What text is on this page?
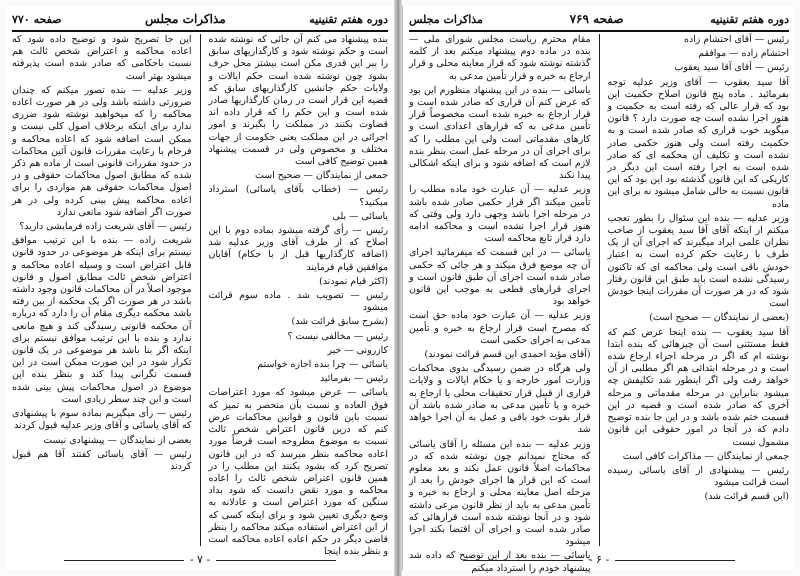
دوره هفتم تقنینیه
مذاکرات مجلس
صفحه ۷۷۰

بنده پیشنهاد می کنم آن جائی که نوشته شده است و حکم نوشته شود و کارگذاریهای سابق را ببر این قدری مکن است بیشتر محل حرف بشود چون نوشته شده است حکم ایالات و ولایات حکم جانشین کارگذاریهای سابق که قضیه این قرار است در زمان کارگذاریها صادر شده است و این حکم را که قرار داده اند قضاوت بکنند در مملکت را بگیرند و امور اجرائی در این مملکت یعنی حکومت از جهات مختلف و مخصوص ولی در قسمت پیشنهاد همین توضیح کافی است

جمعی از نمایندگان — صحیح است

رئیس — (خطاب بآقای یاسائی) استرداد میکنید؟

یاسائی — بلی

رئیس — رأی گرفته میشود بماده دوم با این اصلاح که از طرف آقای وزیر عدلیه شد (اضافه کارگذاریها قبل از با حکام) آقایان موافقین قیام فرمایند

(اکثر قیام نمودند)

رئیس — تصویب شد . ماده سوم قرائت میشود

(بشرح سابق قرائت شد)

رئیس — مخالفی نیست ؟

کازرونی — خیر

یاسائی — چرا بنده اجازه خواستم

رئیس — بفرمائید

یاسائی — عرض میشود که مورد اعتراضات فوق العاده و نسبت بآن منحصر به تمیز که نسبت باین قانون و قوانین محاکمات عرض کنم که درین قانون اعتراض شخص ثالث نسبت به موضوع مطروحه است قرضاً مورد اعاده محاکمه بنظر میرسد که در این قانون تصریح کرد که بشود بکنند این مطلب را در همین قانون اعتراض شخص ثالث را اعاده محاکمه و مورد نقض دانست که شود بداد سنگین که مورد اعتراض است و عادلانه به وضع دیگری تعیین شود و برای اینکه کسی که از این اعتراض استفاده میکند محاکمه را بنظر قاضی دیگر در حکم اعاده اعاده محاکمه است و بنظر بنده اینجا

این جا تصریح شود و توضیح داده شود که اعاده محاکمه و اعتراض شخص ثالث هم نسبت باحکامی که صادر شده است پذیرفته میشود بهتر است

وزیر عدلیه — بنده تصور میکنم که چندان ضرورتی داشته باشد ولی در هر صورت اعاده محاکمه را که میخواهید نوشته شود ضرری ندارد برای اینکه برخلاف اصول کلی نیست و ممکن است اضافه شود که اعاده محاکمه و فرجام با رعایت مقررات قانون آئین محاکمات در حدود مقررات قانونی است از ماده هم ذکر شده که مطابق اصول محاکمات حقوقی و در اصول محاکمات حقوقی هم مواردی را برای اعاده محاکمه پیش بینی کرده ولی در هر صورت اگر اضافه شود مانعی ندارد

رئیس — آقای شریعت زاده فرمایشی دارید؟

شریعت زاده — بنده با این ترتیب موافق نیستم برای اینکه هر موضوعی در حدود قانون قابل اعتراض است و وسیله اعاده محاکمه و اعتراض شخص ثالث مطابق اصول و قانون موجود اصلاً در آن محاکمات قانون وجود داشته باشد در هر صورت اگر یک محکمه از بین رفته باشد محکمه دیگری مقام آن را دارد که درباره آن محکمه قانونی رسیدگی کند و هیچ مانعی ندارد و بنده با این ترتیب موافق نیستم برای اینکه اگر بنا باشد هر موضوعی در یک قانون تکرار شود در این صورت ممکن است در این قسمت نگرانی پیدا کند و بنظر بنده این موضوع در اصول محاکمات پیش بینی شده است و این چند سطر زیادی است

رئیس — رأی میگیریم بماده سوم با پیشنهادی که آقای یاسائی و آقای وزیر عدلیه قبول کردند

بعضی از نمایندگان — پیشنهادی نیست

رئیس — آقای یاسائی کفتند آقا هم قبول کردند

- ۷ -
دوره هفتم تقنینیه
صفحه ۷۶۹
مذاکرات مجلس

رئیس — آقای احتشام زاده

احتشام زاده — موافقم

رئیس — آقای آقا سید یعقوب

آقا سید یعقوب — آقای وزیر عدلیه توجه بفرمائید . ماده پنج قانون اصلاح حکمیت این بود که قرار عالی که رفته است به حکمیت و هنوز اجرا نشده است چه صورت دارد ؟ قانون میگوید خوب قراری که صادر شده است و به حکمیت رفته است ولی هنوز حکمی صادر نشده است و تکلیف آن محکمه ای که صادر شده است به اجرا رفته است این دیگر در کاریکی که این قانون گذشته بود این بود که این قانون نسبت به حالی شامل میشود نه برای این ماده

وزیر عدلیه — بنده این سئوال را بطور تعجب میکنم از اینکه آقای آقا سید یعقوب از صاحب نظران علمی ایراد میگیرند که اجرای آن از یک طرف با رعایت حکم کرده است به اعتبار خودش باقی است ولی محاکمه ای که تاکنون رسیدگی نشده است باید طبق این قانون رفتار شود که در هر صورت آن مقررات اینجا خودش است

(بعضی از نمایندگان — صحیح است)

آقا سید یعقوب — بنده اینجا عرض کنم که فقط مستثنی است آن چیزهائی که بنده ابتدا نوشته ام که اگر در مرحله اجراء ارجاع شده است و در مرحله ابتدائی هم اگر مطلبی از آن خواهد رفت ولی اگر اینطور شد تکلیفش چه میشود بنابراین در مرحله مقدماتی و مرحله آخری که صادر شده است و قضیه در این قسمت ختم شده باشد و در این جا بنده توضیح دادم که در آنجا در امور حقوقی این قانون مشمول نیست

جمعی از نمایندگان — مذاکرات کافی است

رئیس — پیشنهادی از آقای یاسائی رسیده است قرائت میشود

(این قسم قرائت شد)

مقام محترم ریاست مجلس شورای ملی — بنده در ماده دوم پیشنهاد میکنم بعد از کلمه گذشته نوشته شود که قرار معاینه محلی و قرار ارجاع به خبره و قرار تأمین مدعی به

یاسائی — بنده در این پیشنهاد منظورم این بود که عرض کنم آن قراری که صادر شده است و قرار ارجاع به خبره شده است مخصوصاً قرار تأمین مدعی به که قرارهای اعدادی است و کارهای مقدماتی است ولی این مطلب را که برای اجرای آن در مرحله عمل است بنظر بنده لازم است که اضافه شود و برای اینکه اشکالی پیدا نکند

وزیر عدلیه — آن عبارت خود ماده مطلب را تأمین میکند اگر قرار حکمی صادر شده باشد در مرحله اجرا باشد وجهی دارد ولی وقتی که هنوز قرار اجرا نشده است و محاکمه ادامه دارد قرار تابع محاکمه است

یاسائی — در این قسمت که میفرمائید اجرای آن چه موضع فرق میکند و هر جائی که حکمی صادر شده است اجرای آن طبق قانون است و اجرای قرارهای قطعی به موجب این قانون خواهد بود

وزیر عدلیه — آن عبارت خود ماده حق است که مصرح است قرار ارجاع به خبره و تأمین مدعی به اجرای حکمی است

(آقای مؤید احمدی این قسم قرائت نمودند)

ولی هرگاه در ضمن رسیدگی بدوی محاکمات وزارت امور خارجه و یا حکام ایالات و ولایات قراری از قبیل قرار تحقیقات محلی یا ارجاع به خبره و یا تأمین مدعی به صادر شده باشد آن قرار بقوت خود باقی و عمل به آن اجرا خواهد شد

وزیر عدلیه — بنده این مسئله را آقای یاسائی که محتاج نمیدانم چون نوشته شده که در محاکمات اصلاً قانون عمل بکند و بعد معلوم است که این قرار ها اجرای خودش را بعد از مرحله اصل معاینه محلی و ارجاع به خبره و تأمین مدعی به باید از نظر قانون مرعی داشته شود و در آنجا نوشته شده است قرارهائی که صادر شده است و اجرای آن اقتضا بکند اجرا میشود

یاسائی — بنده بعد از این توضیح که داده شد پیشنهاد خودم را استرداد میکنم

- ۶ -
